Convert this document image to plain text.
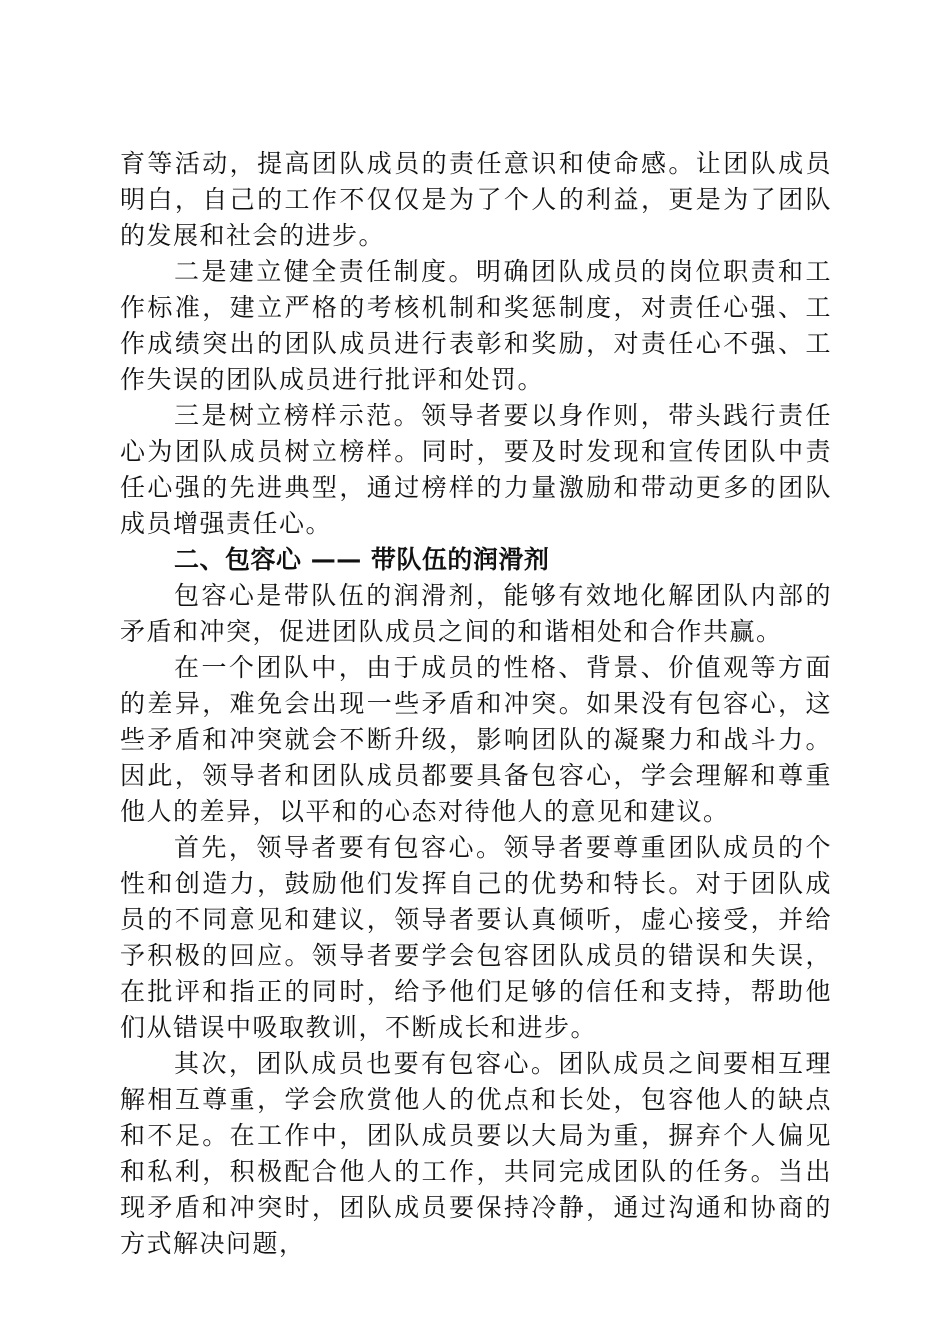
育等活动，提高团队成员的责任意识和使命感。让团队成员明白，自己的工作不仅仅是为了个人的利益，更是为了团队的发展和社会的进步。

二是建立健全责任制度。明确团队成员的岗位职责和工作标准，建立严格的考核机制和奖惩制度，对责任心强、工作成绩突出的团队成员进行表彰和奖励，对责任心不强、工作失误的团队成员进行批评和处罚。

三是树立榜样示范。领导者要以身作则，带头践行责任心为团队成员树立榜样。同时，要及时发现和宣传团队中责任心强的先进典型，通过榜样的力量激励和带动更多的团队成员增强责任心。

二、包容心 —— 带队伍的润滑剂

包容心是带队伍的润滑剂，能够有效地化解团队内部的矛盾和冲突，促进团队成员之间的和谐相处和合作共赢。

在一个团队中，由于成员的性格、背景、价值观等方面的差异，难免会出现一些矛盾和冲突。如果没有包容心，这些矛盾和冲突就会不断升级，影响团队的凝聚力和战斗力。因此，领导者和团队成员都要具备包容心，学会理解和尊重他人的差异，以平和的心态对待他人的意见和建议。

首先，领导者要有包容心。领导者要尊重团队成员的个性和创造力，鼓励他们发挥自己的优势和特长。对于团队成员的不同意见和建议，领导者要认真倾听，虚心接受，并给予积极的回应。领导者要学会包容团队成员的错误和失误，在批评和指正的同时，给予他们足够的信任和支持，帮助他们从错误中吸取教训，不断成长和进步。

其次，团队成员也要有包容心。团队成员之间要相互理解相互尊重，学会欣赏他人的优点和长处，包容他人的缺点和不足。在工作中，团队成员要以大局为重，摒弃个人偏见和私利，积极配合他人的工作，共同完成团队的任务。当出现矛盾和冲突时，团队成员要保持冷静，通过沟通和协商的方式解决问题，
